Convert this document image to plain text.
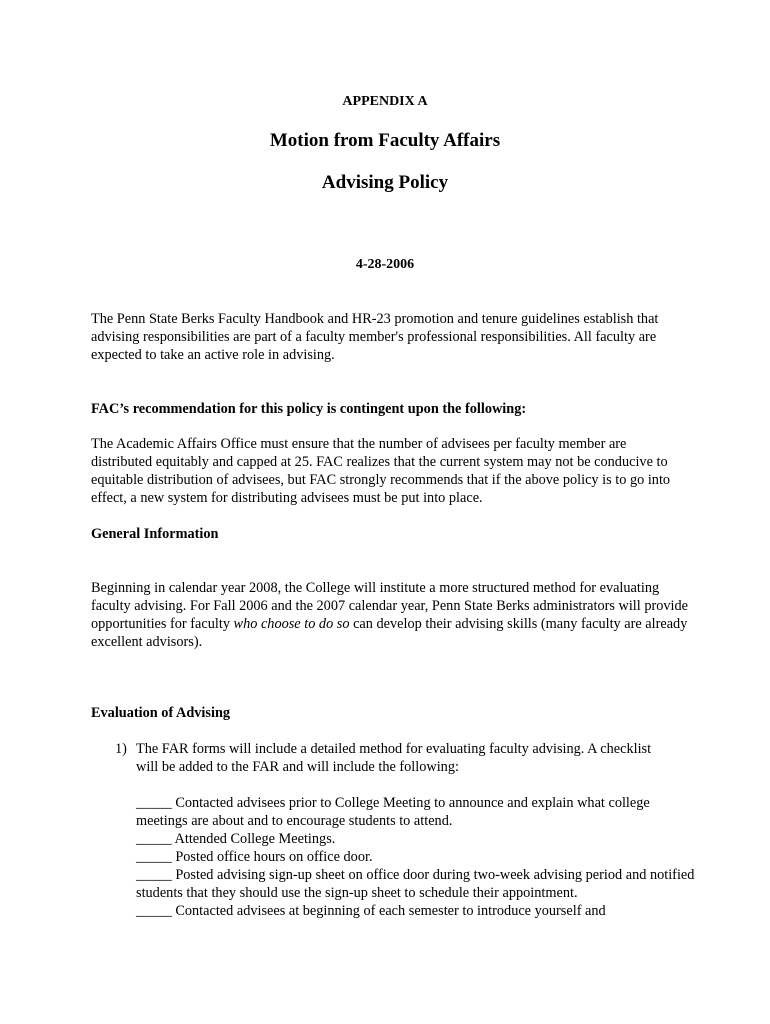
APPENDIX A
Motion from Faculty Affairs
Advising Policy
4-28-2006

The Penn State Berks Faculty Handbook and HR-23 promotion and tenure guidelines establish that advising responsibilities are part of a faculty member's professional responsibilities. All faculty are expected to take an active role in advising.

FAC’s recommendation for this policy is contingent upon the following:

The Academic Affairs Office must ensure that the number of advisees per faculty member are distributed equitably and capped at 25. FAC realizes that the current system may not be conducive to equitable distribution of advisees, but FAC strongly recommends that if the above policy is to go into effect, a new system for distributing advisees must be put into place.

General Information

Beginning in calendar year 2008, the College will institute a more structured method for evaluating faculty advising. For Fall 2006 and the 2007 calendar year, Penn State Berks administrators will provide opportunities for faculty who choose to do so can develop their advising skills (many faculty are already excellent advisors).

Evaluation of Advising

1) The FAR forms will include a detailed method for evaluating faculty advising. A checklist will be added to the FAR and will include the following:
_____ Contacted advisees prior to College Meeting to announce and explain what college meetings are about and to encourage students to attend.
_____ Attended College Meetings.
_____ Posted office hours on office door.
_____ Posted advising sign-up sheet on office door during two-week advising period and notified students that they should use the sign-up sheet to schedule their appointment.
_____ Contacted advisees at beginning of each semester to introduce yourself and
